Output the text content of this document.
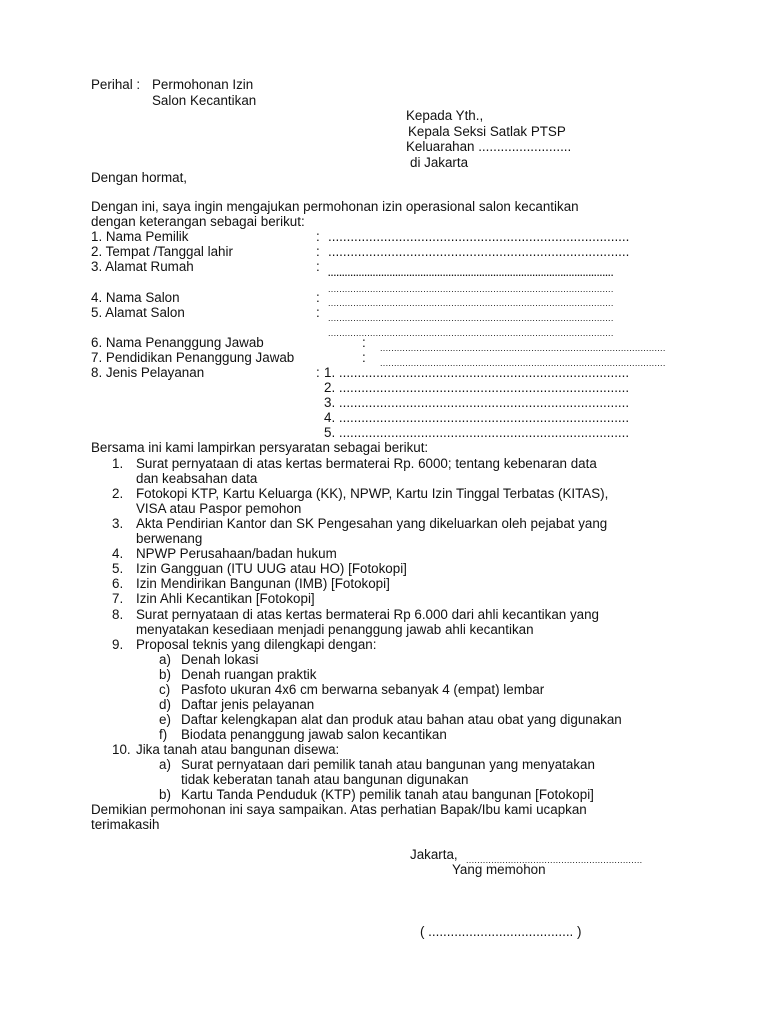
Perihal : Permohonan Izin
Salon Kecantikan
Kepada Yth.,
Kepala Seksi Satlak PTSP
Keluarahan .........................
di Jakarta
Dengan hormat,
Dengan ini, saya ingin mengajukan permohonan izin operasional salon kecantikan
dengan keterangan sebagai berikut:
1. Nama Pemilik	: .................................................................................
2. Tempat /Tanggal lahir	: .................................................................................
3. Alamat Rumah	: ......................................................................................................
......................................................................................................
4. Nama Salon	: ......................................................................................................
5. Alamat Salon	: ......................................................................................................
......................................................................................................
6. Nama Penanggung Jawab	: ......................................................................................................
7. Pendidikan Penanggung Jawab	: ......................................................................................................
8. Jenis Pelayanan	: 1. ..............................................................................
2. ..............................................................................
3. ..............................................................................
4. ..............................................................................
5. ..............................................................................
Bersama ini kami lampirkan persyaratan sebagai berikut:
1. Surat pernyataan di atas kertas bermaterai Rp. 6000; tentang kebenaran data
dan keabsahan data
2. Fotokopi KTP, Kartu Keluarga (KK), NPWP, Kartu Izin Tinggal Terbatas (KITAS),
VISA atau Paspor pemohon
3. Akta Pendirian Kantor dan SK Pengesahan yang dikeluarkan oleh pejabat yang
berwenang
4. NPWP Perusahaan/badan hukum
5. Izin Gangguan (ITU UUG atau HO) [Fotokopi]
6. Izin Mendirikan Bangunan (IMB) [Fotokopi]
7. Izin Ahli Kecantikan [Fotokopi]
8. Surat pernyataan di atas kertas bermaterai Rp 6.000 dari ahli kecantikan yang
menyatakan kesediaan menjadi penanggung jawab ahli kecantikan
9. Proposal teknis yang dilengkapi dengan:
a) Denah lokasi
b) Denah ruangan praktik
c) Pasfoto ukuran 4x6 cm berwarna sebanyak 4 (empat) lembar
d) Daftar jenis pelayanan
e) Daftar kelengkapan alat dan produk atau bahan atau obat yang digunakan
f) Biodata penanggung jawab salon kecantikan
10. Jika tanah atau bangunan disewa:
a) Surat pernyataan dari pemilik tanah atau bangunan yang menyatakan
tidak keberatan tanah atau bangunan digunakan
b) Kartu Tanda Penduduk (KTP) pemilik tanah atau bangunan [Fotokopi]
Demikian permohonan ini saya sampaikan. Atas perhatian Bapak/Ibu kami ucapkan
terimakasih
Jakarta, ...............................................................
Yang memohon
( ....................................... )
